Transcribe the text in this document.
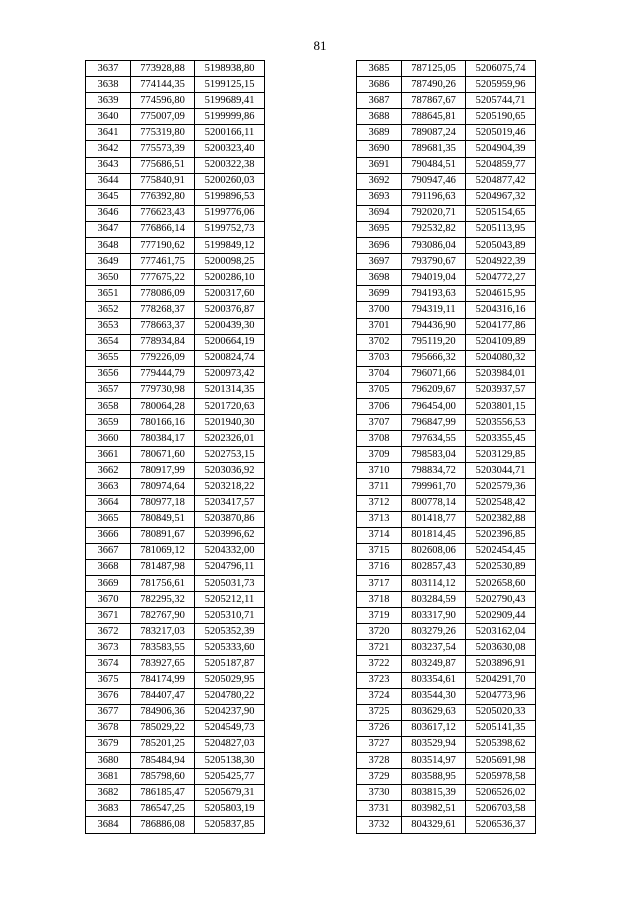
81
3637	773928,88	5198938,80
3638	774144,35	5199125,15
3639	774596,80	5199689,41
3640	775007,09	5199999,86
3641	775319,80	5200166,11
3642	775573,39	5200323,40
3643	775686,51	5200322,38
3644	775840,91	5200260,03
3645	776392,80	5199896,53
3646	776623,43	5199776,06
3647	776866,14	5199752,73
3648	777190,62	5199849,12
3649	777461,75	5200098,25
3650	777675,22	5200286,10
3651	778086,09	5200317,60
3652	778268,37	5200376,87
3653	778663,37	5200439,30
3654	778934,84	5200664,19
3655	779226,09	5200824,74
3656	779444,79	5200973,42
3657	779730,98	5201314,35
3658	780064,28	5201720,63
3659	780166,16	5201940,30
3660	780384,17	5202326,01
3661	780671,60	5202753,15
3662	780917,99	5203036,92
3663	780974,64	5203218,22
3664	780977,18	5203417,57
3665	780849,51	5203870,86
3666	780891,67	5203996,62
3667	781069,12	5204332,00
3668	781487,98	5204796,11
3669	781756,61	5205031,73
3670	782295,32	5205212,11
3671	782767,90	5205310,71
3672	783217,03	5205352,39
3673	783583,55	5205333,60
3674	783927,65	5205187,87
3675	784174,99	5205029,95
3676	784407,47	5204780,22
3677	784906,36	5204237,90
3678	785029,22	5204549,73
3679	785201,25	5204827,03
3680	785484,94	5205138,30
3681	785798,60	5205425,77
3682	786185,47	5205679,31
3683	786547,25	5205803,19
3684	786886,08	5205837,85
3685	787125,05	5206075,74
3686	787490,26	5205959,96
3687	787867,67	5205744,71
3688	788645,81	5205190,65
3689	789087,24	5205019,46
3690	789681,35	5204904,39
3691	790484,51	5204859,77
3692	790947,46	5204877,42
3693	791196,63	5204967,32
3694	792020,71	5205154,65
3695	792532,82	5205113,95
3696	793086,04	5205043,89
3697	793790,67	5204922,39
3698	794019,04	5204772,27
3699	794193,63	5204615,95
3700	794319,11	5204316,16
3701	794436,90	5204177,86
3702	795119,20	5204109,89
3703	795666,32	5204080,32
3704	796071,66	5203984,01
3705	796209,67	5203937,57
3706	796454,00	5203801,15
3707	796847,99	5203556,53
3708	797634,55	5203355,45
3709	798583,04	5203129,85
3710	798834,72	5203044,71
3711	799961,70	5202579,36
3712	800778,14	5202548,42
3713	801418,77	5202382,88
3714	801814,45	5202396,85
3715	802608,06	5202454,45
3716	802857,43	5202530,89
3717	803114,12	5202658,60
3718	803284,59	5202790,43
3719	803317,90	5202909,44
3720	803279,26	5203162,04
3721	803237,54	5203630,08
3722	803249,87	5203896,91
3723	803354,61	5204291,70
3724	803544,30	5204773,96
3725	803629,63	5205020,33
3726	803617,12	5205141,35
3727	803529,94	5205398,62
3728	803514,97	5205691,98
3729	803588,95	5205978,58
3730	803815,39	5206526,02
3731	803982,51	5206703,58
3732	804329,61	5206536,37
